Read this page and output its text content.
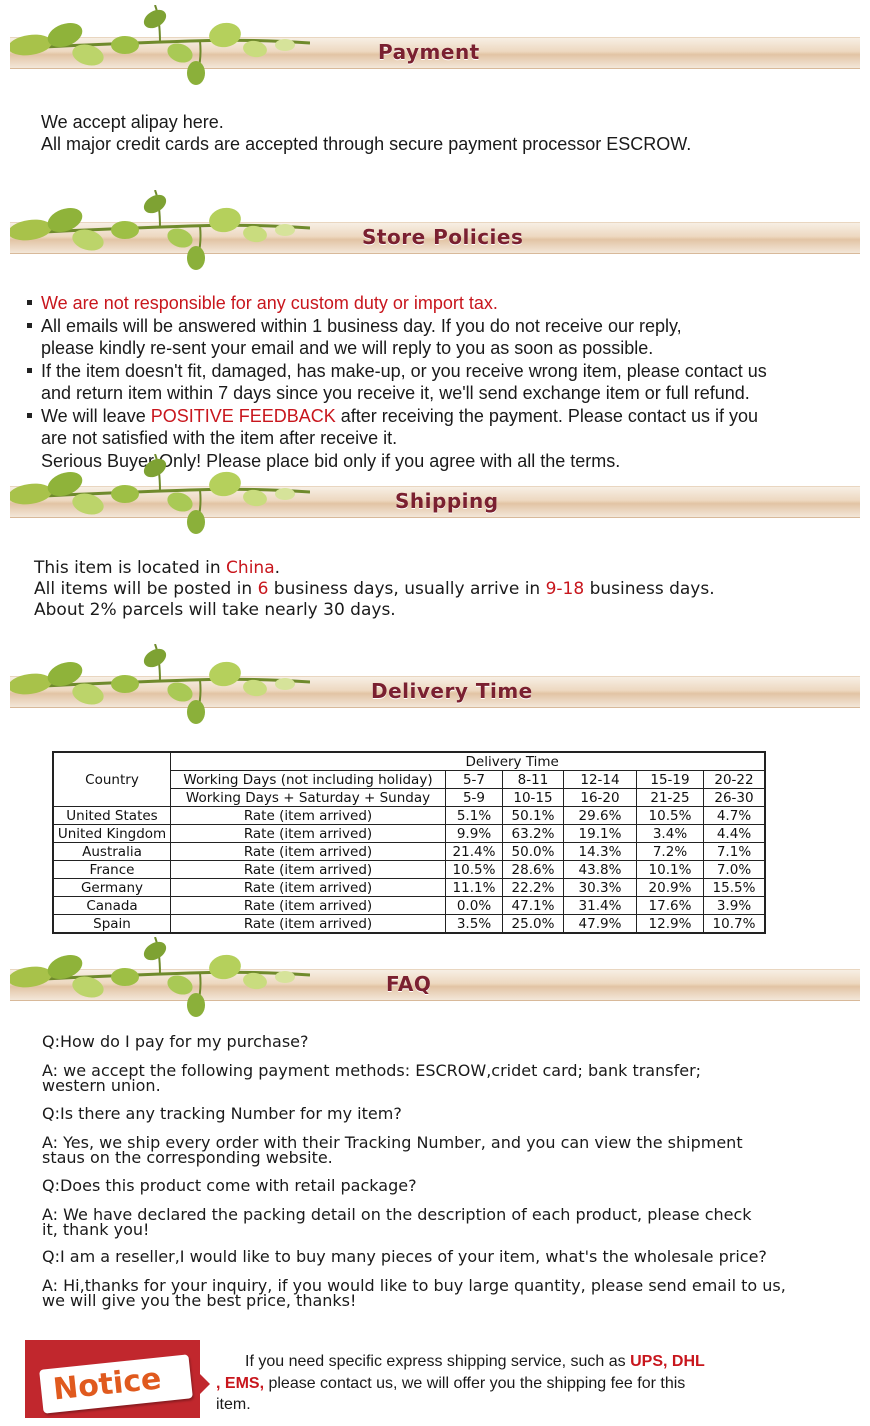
Payment
We accept alipay here.
All major credit cards are accepted through secure payment processor ESCROW.
Store Policies
We are not responsible for any custom duty or import tax.
All emails will be answered within 1 business day. If you do not receive our reply,
please kindly re-sent your email and we will reply to you as soon as possible.
If the item doesn't fit, damaged, has make-up, or you receive wrong item, please contact us
and return item within 7 days since you receive it, we'll send exchange item or full refund.
We will leave POSITIVE FEEDBACK after receiving the payment. Please contact us if you
are not satisfied with the item after receive it.
Serious Buyer Only! Please place bid only if you agree with all the terms.
Shipping
This item is located in China.
All items will be posted in 6 business days, usually arrive in 9-18 business days.
About 2% parcels will take nearly 30 days.
Delivery Time
Country		Delivery Time				
	Working Days (not including holiday)	5-7	8-11	12-14	15-19	20-22
	Working Days + Saturday + Sunday	5-9	10-15	16-20	21-25	26-30
United States	Rate (item arrived)	5.1%	50.1%	29.6%	10.5%	4.7%
United Kingdom	Rate (item arrived)	9.9%	63.2%	19.1%	3.4%	4.4%
Australia	Rate (item arrived)	21.4%	50.0%	14.3%	7.2%	7.1%
France	Rate (item arrived)	10.5%	28.6%	43.8%	10.1%	7.0%
Germany	Rate (item arrived)	11.1%	22.2%	30.3%	20.9%	15.5%
Canada	Rate (item arrived)	0.0%	47.1%	31.4%	17.6%	3.9%
Spain	Rate (item arrived)	3.5%	25.0%	47.9%	12.9%	10.7%
FAQ
Q:How do I pay for my purchase?
A: we accept the following payment methods: ESCROW,cridet card; bank transfer;
western union.
Q:Is there any tracking Number for my item?
A: Yes, we ship every order with their Tracking Number, and you can view the shipment
staus on the corresponding website.
Q:Does this product come with retail package?
A: We have declared the packing detail on the description of each product, please check
it, thank you!
Q:I am a reseller,I would like to buy many pieces of your item, what's the wholesale price?
A: Hi,thanks for your inquiry, if you would like to buy large quantity, please send email to us,
we will give you the best price, thanks!
Notice	If you need specific express shipping service, such as UPS, DHL
, EMS, please contact us, we will offer you the shipping fee for this
item.
